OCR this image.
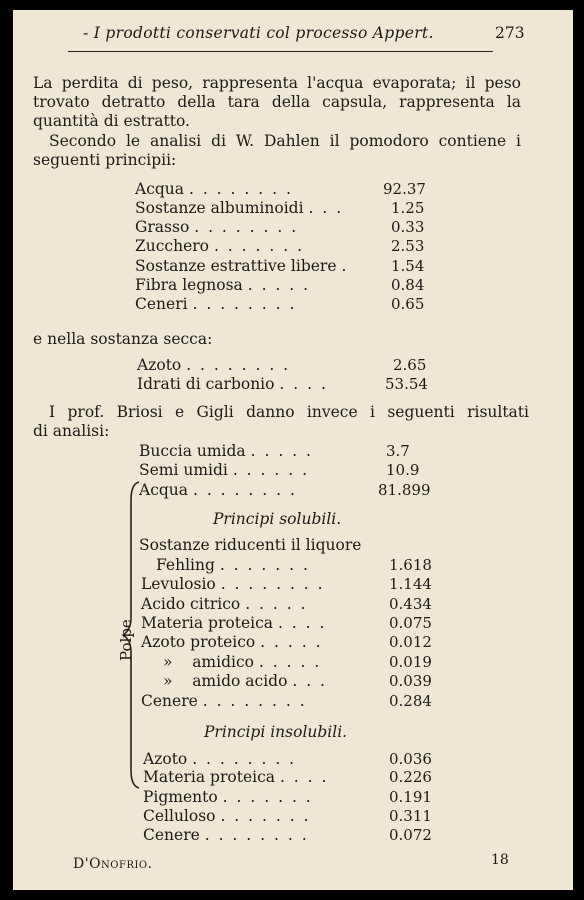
- I prodotti conservati col processo Appert.	273

La perdita di peso, rappresenta l'acqua evaporata; il peso

trovato detratto della tara della capsula, rappresenta la

quantità di estratto.

Secondo le analisi di W. Dahlen il pomodoro contiene i

seguenti principii:

Acqua . . . . . . . .	92.37
Sostanze albuminoidi . . .	1.25
Grasso . . . . . . . .	0.33
Zucchero . . . . . . .	2.53
Sostanze estrattive libere .	1.54
Fibra legnosa . . . . .	0.84
Ceneri . . . . . . . .	0.65

e nella sostanza secca:

Azoto . . . . . . . .	2.65
Idrati di carbonio . . . .	53.54

I prof. Briosi e Gigli danno invece i seguenti risultati

di analisi:

Buccia umida . . . . .	3.7
Semi umidi . . . . . .	10.9
Acqua . . . . . . . .	81.899
Polpe
Principi solubili.
Sostanze riducenti il liquore
Fehling . . . . . . .	1.618
Levulosio . . . . . . . .	1.144
Acido citrico . . . . .	0.434
Materia proteica . . . .	0.075
Azoto proteico . . . . .	0.012
»    amidico . . . . .	0.019
»    amido acido . . .	0.039
Cenere . . . . . . . .	0.284
Principi insolubili.
Azoto . . . . . . . .	0.036
Materia proteica . . . .	0.226
Pigmento . . . . . . .	0.191
Celluloso . . . . . . .	0.311
Cenere . . . . . . . .	0.072
D'Onofrio.	18
